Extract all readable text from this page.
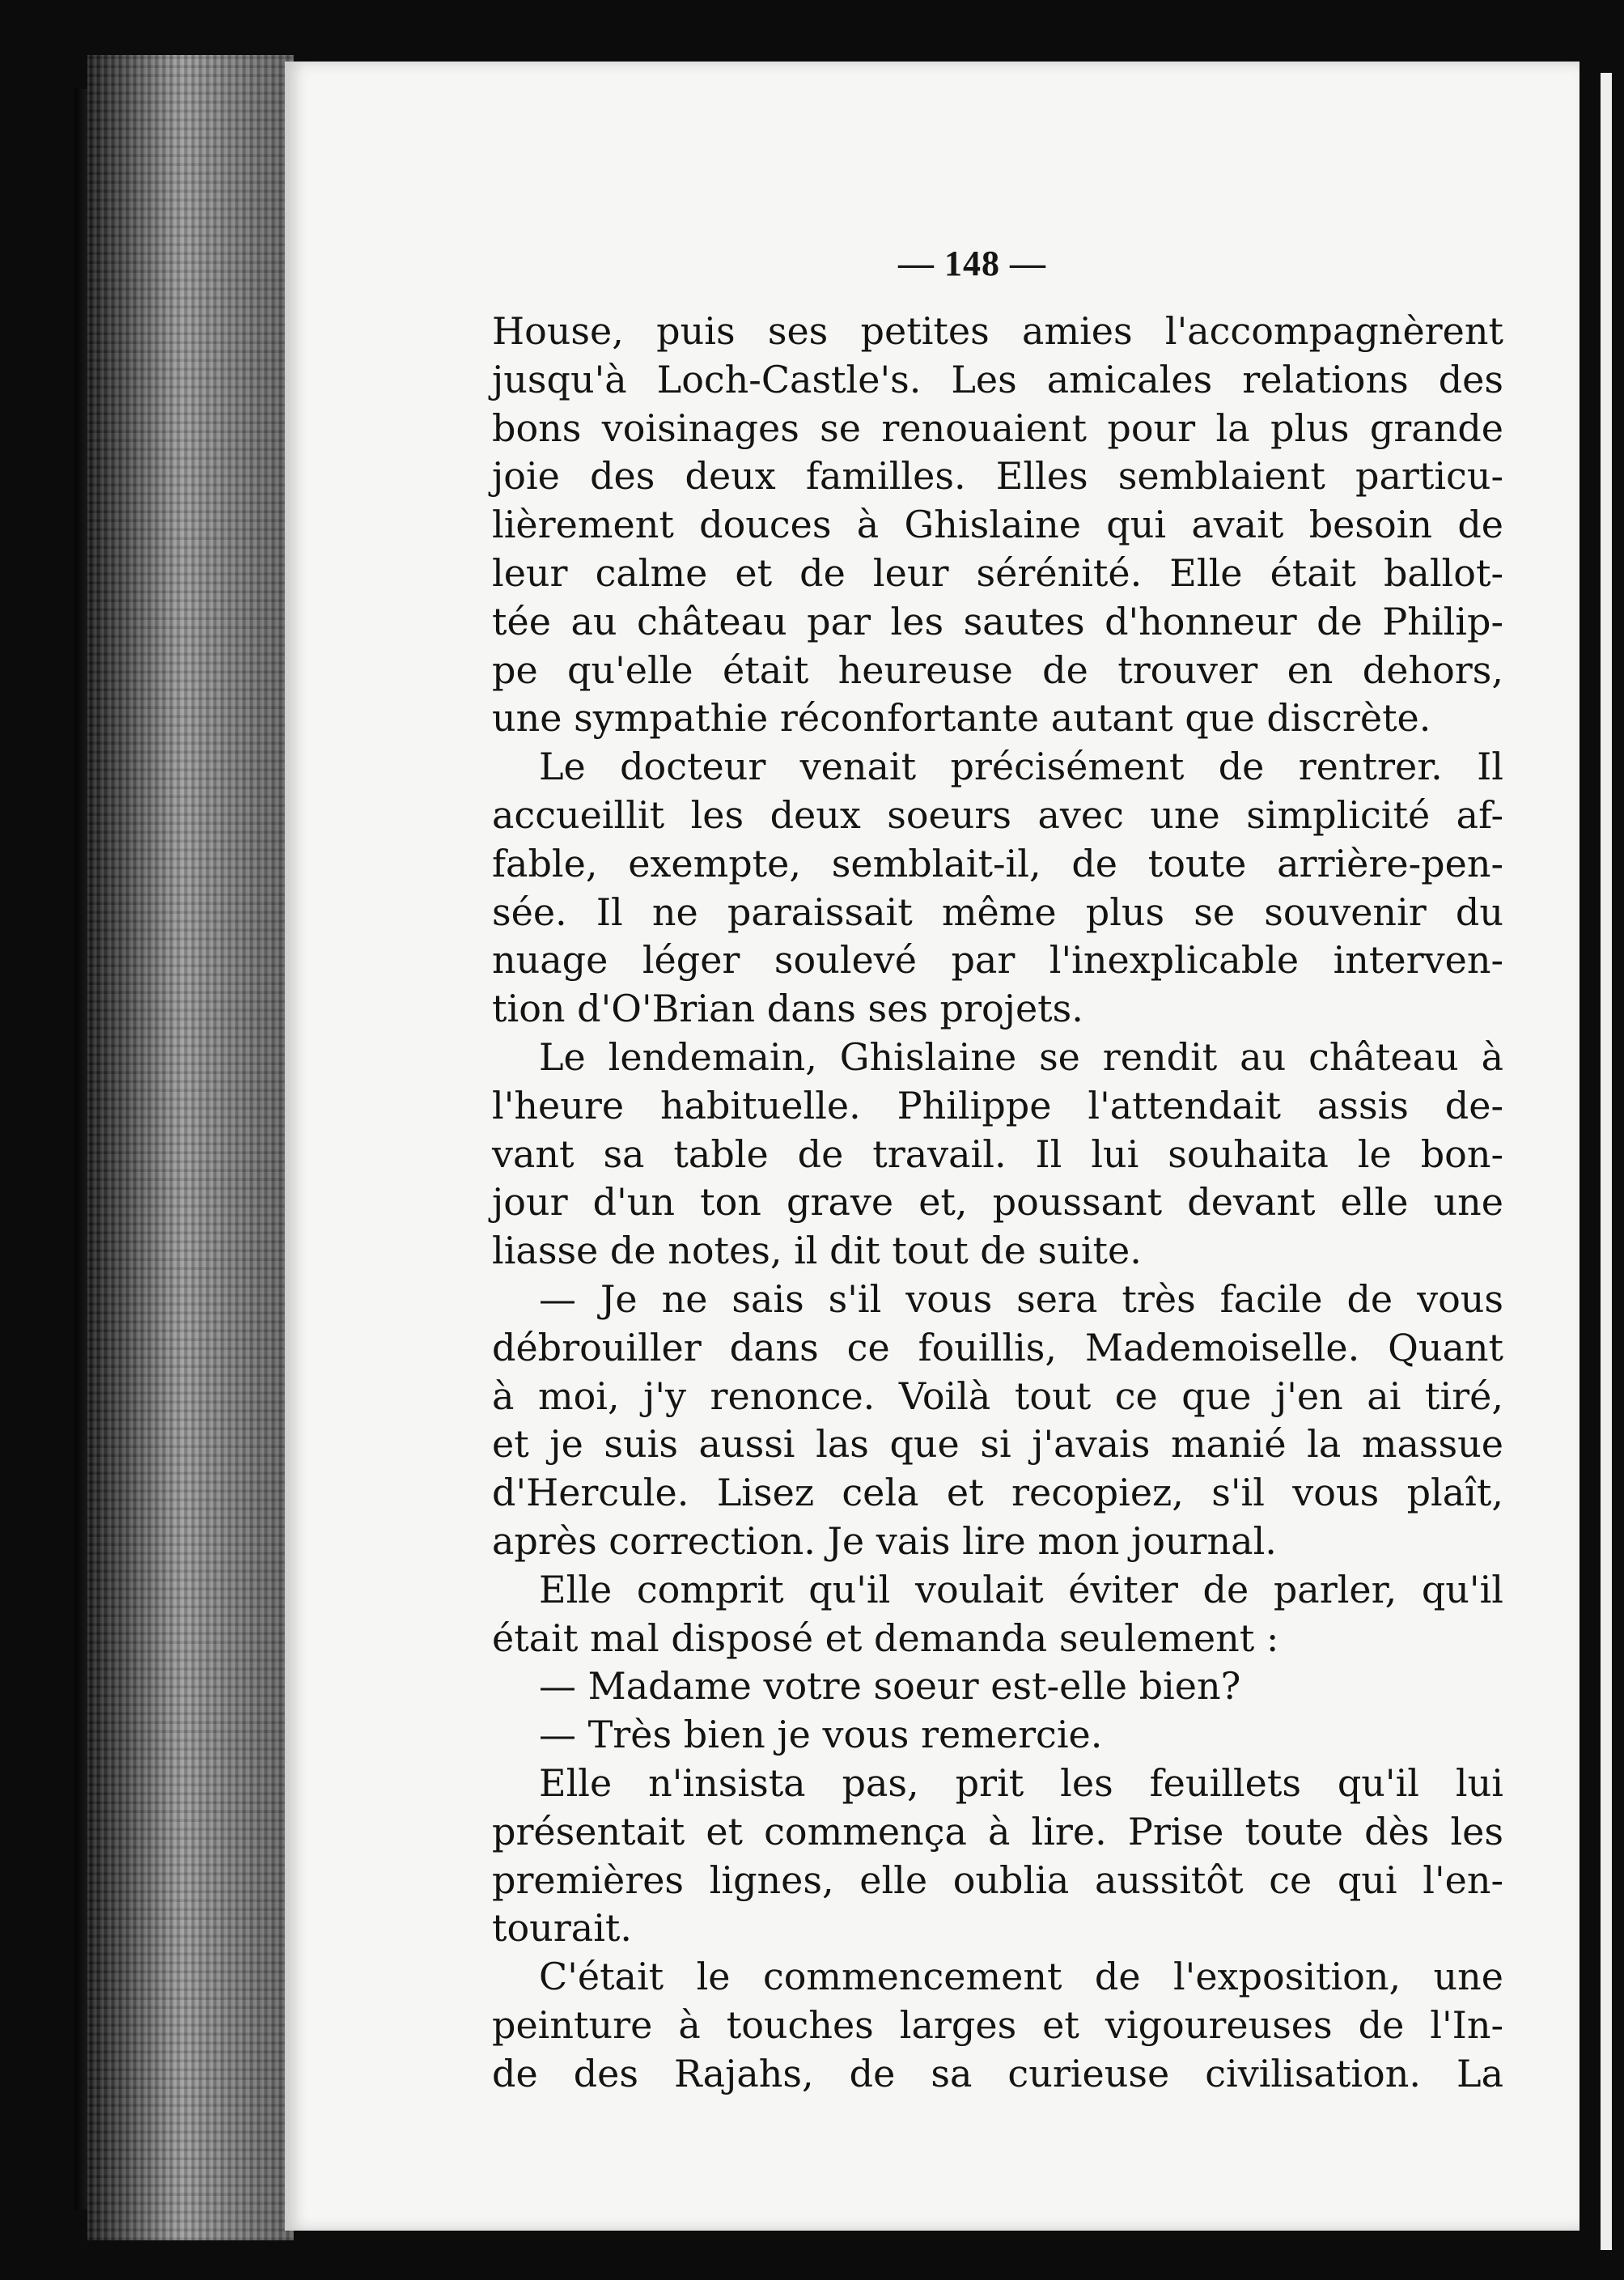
— 148 —
House, puis ses petites amies l'accompagnèrent
jusqu'à Loch-Castle's. Les amicales relations des
bons voisinages se renouaient pour la plus grande
joie des deux familles. Elles semblaient particu-
lièrement douces à Ghislaine qui avait besoin de
leur calme et de leur sérénité. Elle était ballot-
tée au château par les sautes d'honneur de Philip-
pe qu'elle était heureuse de trouver en dehors,
une sympathie réconfortante autant que discrète.
Le docteur venait précisément de rentrer. Il
accueillit les deux soeurs avec une simplicité af-
fable, exempte, semblait-il, de toute arrière-pen-
sée. Il ne paraissait même plus se souvenir du
nuage léger soulevé par l'inexplicable interven-
tion d'O'Brian dans ses projets.
Le lendemain, Ghislaine se rendit au château à
l'heure habituelle. Philippe l'attendait assis de-
vant sa table de travail. Il lui souhaita le bon-
jour d'un ton grave et, poussant devant elle une
liasse de notes, il dit tout de suite.
— Je ne sais s'il vous sera très facile de vous
débrouiller dans ce fouillis, Mademoiselle. Quant
à moi, j'y renonce. Voilà tout ce que j'en ai tiré,
et je suis aussi las que si j'avais manié la massue
d'Hercule. Lisez cela et recopiez, s'il vous plaît,
après correction. Je vais lire mon journal.
Elle comprit qu'il voulait éviter de parler, qu'il
était mal disposé et demanda seulement :
— Madame votre soeur est-elle bien?
— Très bien je vous remercie.
Elle n'insista pas, prit les feuillets qu'il lui
présentait et commença à lire. Prise toute dès les
premières lignes, elle oublia aussitôt ce qui l'en-
tourait.
C'était le commencement de l'exposition, une
peinture à touches larges et vigoureuses de l'In-
de des Rajahs, de sa curieuse civilisation. La
